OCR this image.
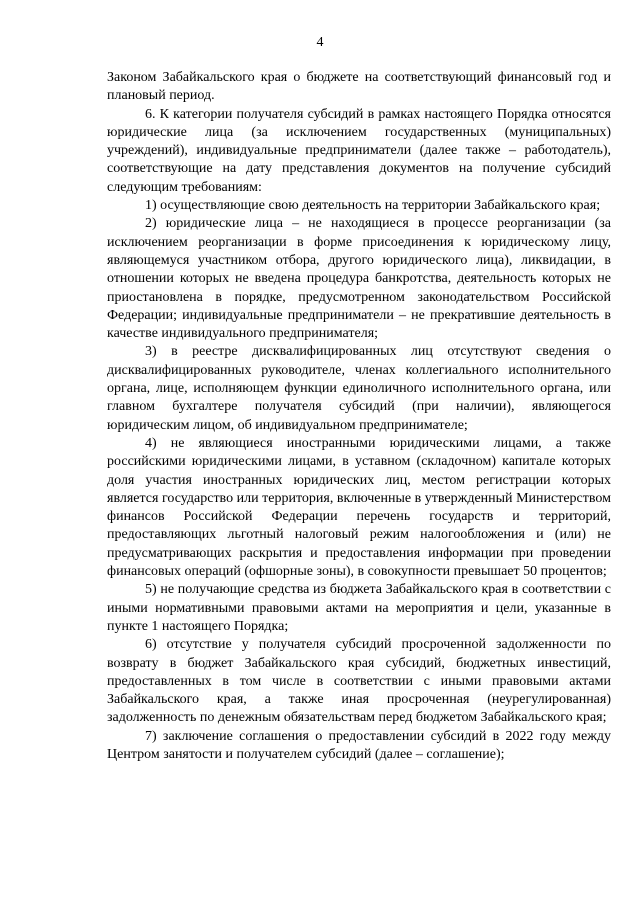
4

Законом Забайкальского края о бюджете на соответствующий финансовый год и плановый период.

6. К категории получателя субсидий в рамках настоящего Порядка относятся юридические лица (за исключением государственных (муниципальных) учреждений), индивидуальные предприниматели (далее также – работодатель), соответствующие на дату представления документов на получение субсидий следующим требованиям:

1) осуществляющие свою деятельность на территории Забайкальского края;

2) юридические лица – не находящиеся в процессе реорганизации (за исключением реорганизации в форме присоединения к юридическому лицу, являющемуся участником отбора, другого юридического лица), ликвидации, в отношении которых не введена процедура банкротства, деятельность которых не приостановлена в порядке, предусмотренном законодательством Российской Федерации; индивидуальные предприниматели – не прекратившие деятельность в качестве индивидуального предпринимателя;

3) в реестре дисквалифицированных лиц отсутствуют сведения о дисквалифицированных руководителе, членах коллегиального исполнительного органа, лице, исполняющем функции единоличного исполнительного органа, или главном бухгалтере получателя субсидий (при наличии), являющегося юридическим лицом, об индивидуальном предпринимателе;

4) не являющиеся иностранными юридическими лицами, а также российскими юридическими лицами, в уставном (складочном) капитале которых доля участия иностранных юридических лиц, местом регистрации которых является государство или территория, включенные в утвержденный Министерством финансов Российской Федерации перечень государств и территорий, предоставляющих льготный налоговый режим налогообложения и (или) не предусматривающих раскрытия и предоставления информации при проведении финансовых операций (офшорные зоны), в совокупности превышает 50 процентов;

5) не получающие средства из бюджета Забайкальского края в соответствии с иными нормативными правовыми актами на мероприятия и цели, указанные в пункте 1 настоящего Порядка;

6) отсутствие у получателя субсидий просроченной задолженности по возврату в бюджет Забайкальского края субсидий, бюджетных инвестиций, предоставленных в том числе в соответствии с иными правовыми актами Забайкальского края, а также иная просроченная (неурегулированная) задолженность по денежным обязательствам перед бюджетом Забайкальского края;

7) заключение соглашения о предоставлении субсидий в 2022 году между Центром занятости и получателем субсидий (далее – соглашение);
